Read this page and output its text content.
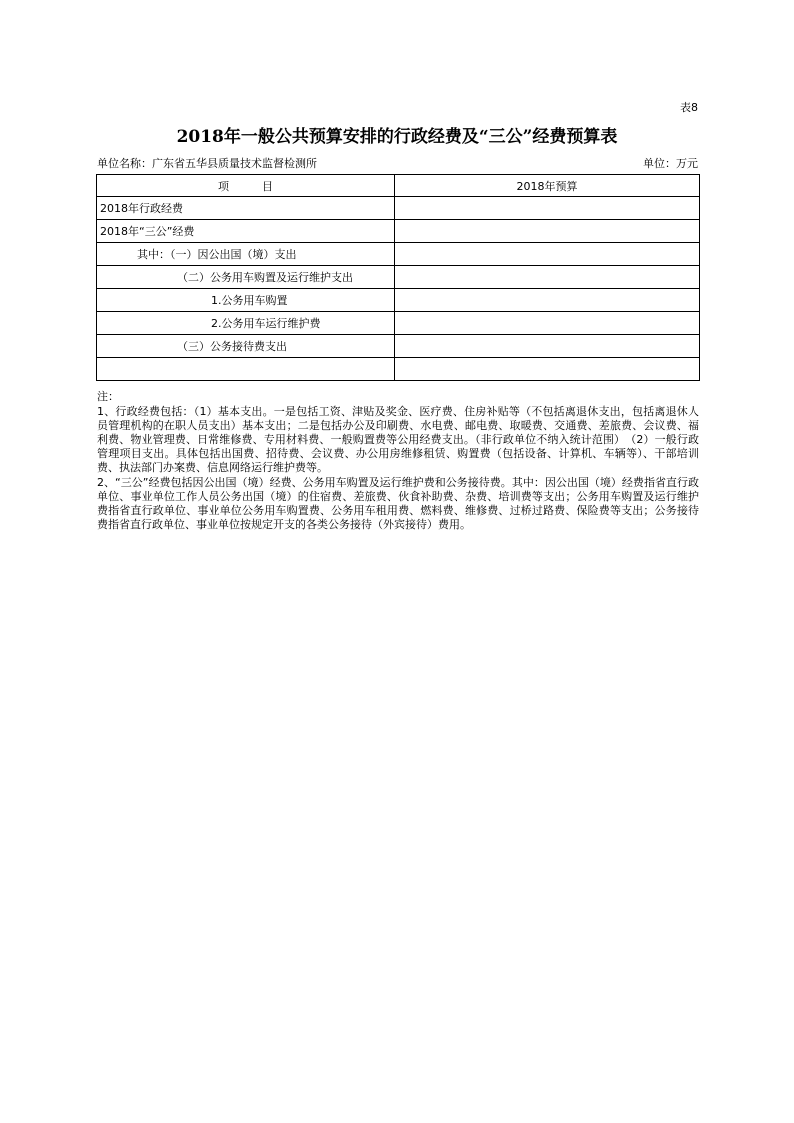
表8
2018年一般公共预算安排的行政经费及“三公”经费预算表
单位名称：广东省五华县质量技术监督检测所	单位：万元
项　　　目	2018年预算
2018年行政经费	
2018年“三公”经费	
其中：（一）因公出国（境）支出	
（二）公务用车购置及运行维护支出	
1.公务用车购置	
2.公务用车运行维护费	
（三）公务接待费支出	

注：

1、行政经费包括：（1）基本支出。一是包括工资、津贴及奖金、医疗费、住房补贴等（不包括离退休支出，包括离退休人员管理机构的在职人员支出）基本支出；二是包括办公及印刷费、水电费、邮电费、取暖费、交通费、差旅费、会议费、福利费、物业管理费、日常维修费、专用材料费、一般购置费等公用经费支出。（非行政单位不纳入统计范围）　（2）一般行政管理项目支出。具体包括出国费、招待费、会议费、办公用房维修租赁、购置费（包括设备、计算机、车辆等）、干部培训费、执法部门办案费、信息网络运行维护费等。

2、“三公”经费包括因公出国（境）经费、公务用车购置及运行维护费和公务接待费。其中：因公出国（境）经费指省直行政单位、事业单位工作人员公务出国（境）的住宿费、差旅费、伙食补助费、杂费、培训费等支出；公务用车购置及运行维护费指省直行政单位、事业单位公务用车购置费、公务用车租用费、燃料费、维修费、过桥过路费、保险费等支出；公务接待费指省直行政单位、事业单位按规定开支的各类公务接待（外宾接待）费用。
